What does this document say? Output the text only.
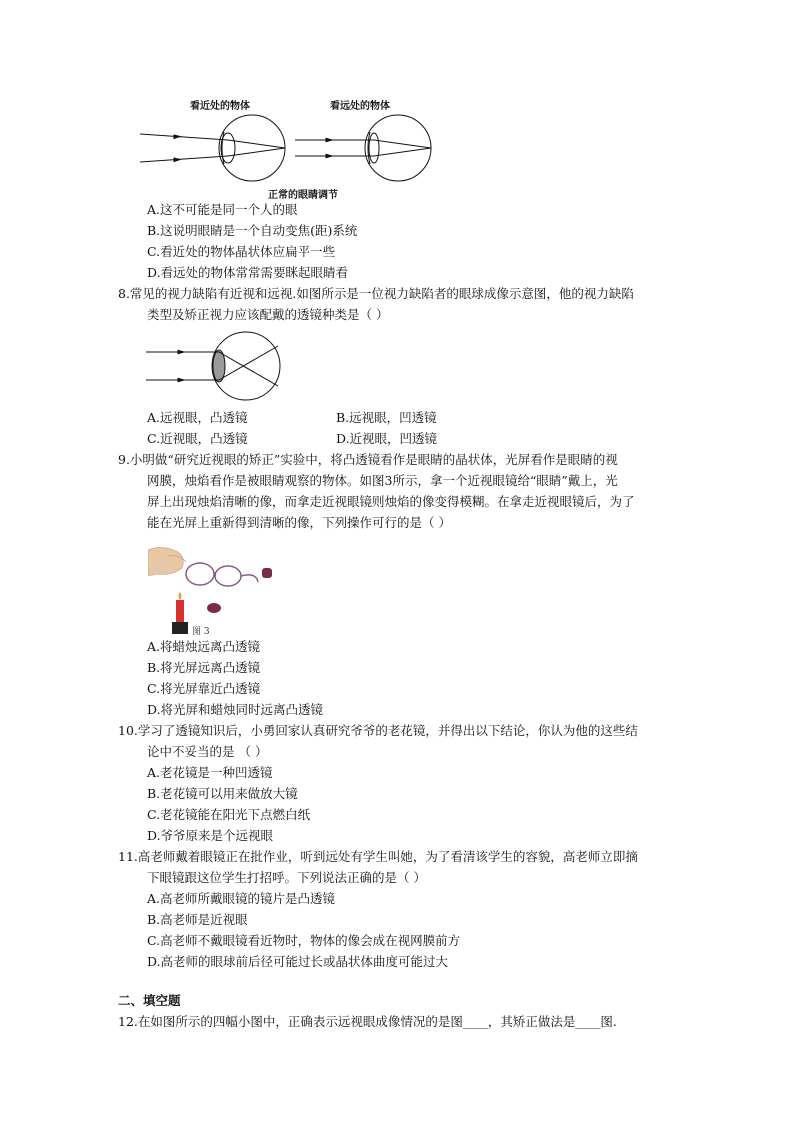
看近处的物体	看远处的物体
正常的眼睛调节
A.这不可能是同一个人的眼
B.这说明眼睛是一个自动变焦(距)系统
C.看近处的物体晶状体应扁平一些
D.看远处的物体常常需要眯起眼睛看
8.常见的视力缺陷有近视和远视.如图所示是一位视力缺陷者的眼球成像示意图，他的视力缺陷
类型及矫正视力应该配戴的透镜种类是（ ）
A.远视眼，凸透镜	B.远视眼，凹透镜
C.近视眼，凸透镜	D.近视眼，凹透镜
9.小明做“研究近视眼的矫正”实验中，将凸透镜看作是眼睛的晶状体，光屏看作是眼睛的视
网膜，烛焰看作是被眼睛观察的物体。如图3所示，拿一个近视眼镜给“眼睛”戴上，光
屏上出现烛焰清晰的像，而拿走近视眼镜则烛焰的像变得模糊。在拿走近视眼镜后，为了
能在光屏上重新得到清晰的像，下列操作可行的是（ ）
图 3
A.将蜡烛远离凸透镜
B.将光屏远离凸透镜
C.将光屏靠近凸透镜
D.将光屏和蜡烛同时远离凸透镜
10.学习了透镜知识后，小勇回家认真研究爷爷的老花镜，并得出以下结论，你认为他的这些结
论中不妥当的是 （ ）
A.老花镜是一种凹透镜
B.老花镜可以用来做放大镜
C.老花镜能在阳光下点燃白纸
D.爷爷原来是个远视眼
11.高老师戴着眼镜正在批作业，听到远处有学生叫她，为了看清该学生的容貌，高老师立即摘
下眼镜跟这位学生打招呼。下列说法正确的是（ ）
A.高老师所戴眼镜的镜片是凸透镜
B.高老师是近视眼
C.高老师不戴眼镜看近物时，物体的像会成在视网膜前方
D.高老师的眼球前后径可能过长或晶状体曲度可能过大
二、填空题
12.在如图所示的四幅小图中，正确表示远视眼成像情况的是图____，其矫正做法是____图.
